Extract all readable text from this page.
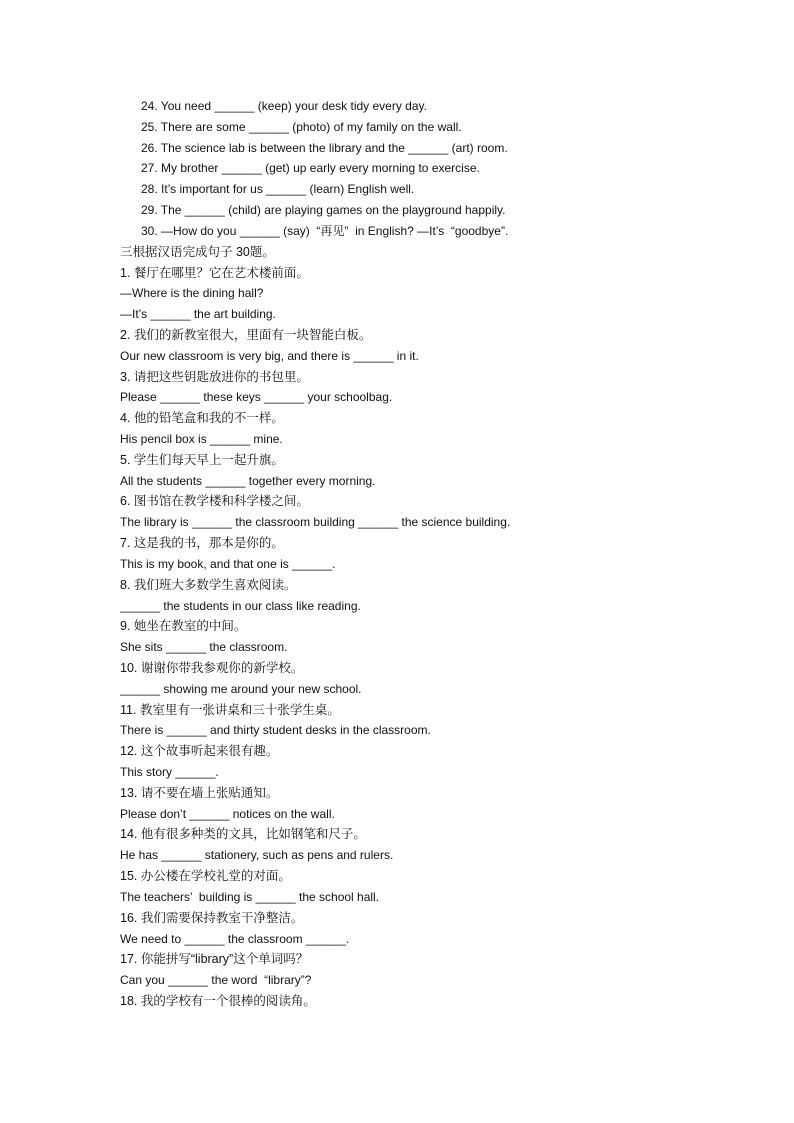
24. You need ______ (keep) your desk tidy every day.
25. There are some ______ (photo) of my family on the wall.
26. The science lab is between the library and the ______ (art) room.
27. My brother ______ (get) up early every morning to exercise.
28. It’s important for us ______ (learn) English well.
29. The ______ (child) are playing games on the playground happily.
30. —How do you ______ (say)  “再见”  in English? —It’s  “goodbye”.
三根据汉语完成句子 30题。
1. 餐厅在哪里？它在艺术楼前面。
—Where is the dining hall?
—It’s ______ the art building.
2. 我们的新教室很大，里面有一块智能白板。
Our new classroom is very big, and there is ______ in it.
3. 请把这些钥匙放进你的书包里。
Please ______ these keys ______ your schoolbag.
4. 他的铅笔盒和我的不一样。
His pencil box is ______ mine.
5. 学生们每天早上一起升旗。
All the students ______ together every morning.
6. 图书馆在教学楼和科学楼之间。
The library is ______ the classroom building ______ the science building.
7. 这是我的书，那本是你的。
This is my book, and that one is ______.
8. 我们班大多数学生喜欢阅读。
______ the students in our class like reading.
9. 她坐在教室的中间。
She sits ______ the classroom.
10. 谢谢你带我参观你的新学校。
______ showing me around your new school.
11. 教室里有一张讲桌和三十张学生桌。
There is ______ and thirty student desks in the classroom.
12. 这个故事听起来很有趣。
This story ______.
13. 请不要在墙上张贴通知。
Please don’t ______ notices on the wall.
14. 他有很多种类的文具，比如钢笔和尺子。
He has ______ stationery, such as pens and rulers.
15. 办公楼在学校礼堂的对面。
The teachers’  building is ______ the school hall.
16. 我们需要保持教室干净整洁。
We need to ______ the classroom ______.
17. 你能拼写“library”这个单词吗？
Can you ______ the word  “library”?
18. 我的学校有一个很棒的阅读角。
